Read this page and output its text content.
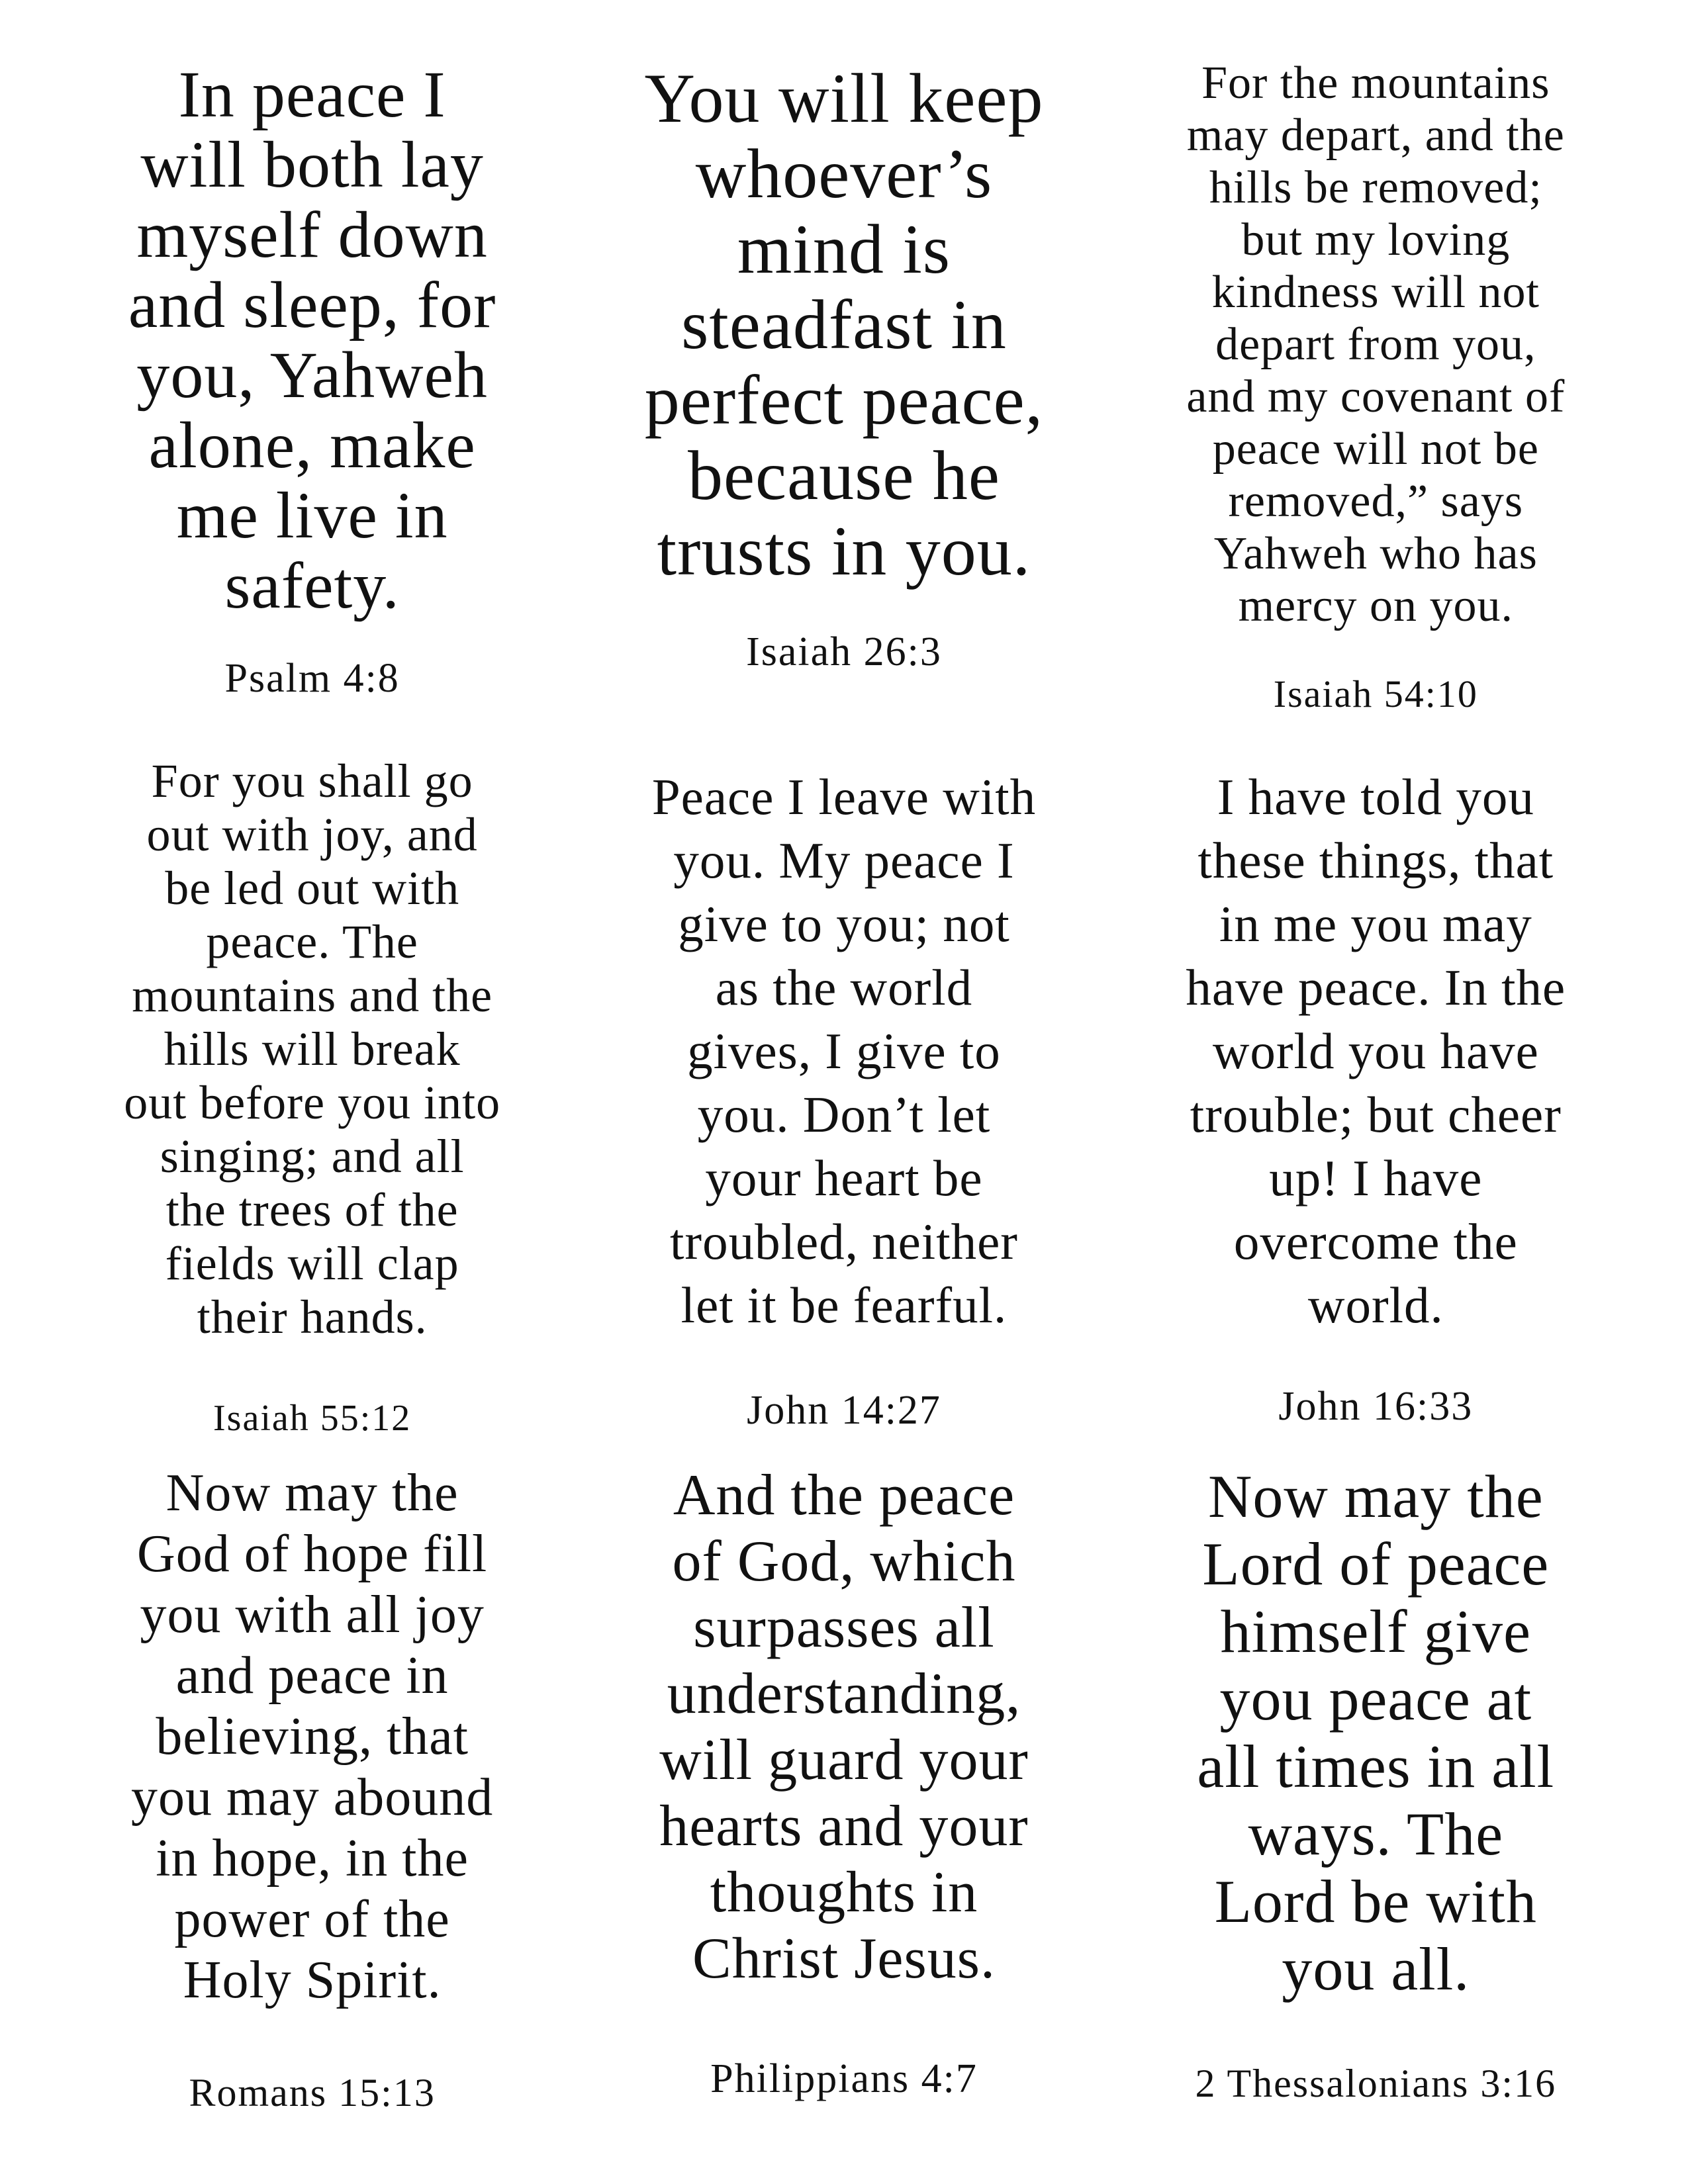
In peace I
will both lay
myself down
and sleep, for
you, Yahweh
alone, make
me live in
safety.

Psalm 4:8

You will keep
whoever’s
mind is
steadfast in
perfect peace,
because he
trusts in you.

Isaiah 26:3

For the mountains
may depart, and the
hills be removed;
but my loving
kindness will not
depart from you,
and my covenant of
peace will not be
removed,” says
Yahweh who has
mercy on you.

Isaiah 54:10

For you shall go
out with joy, and
be led out with
peace. The
mountains and the
hills will break
out before you into
singing; and all
the trees of the
fields will clap
their hands.

Isaiah 55:12

Peace I leave with
you. My peace I
give to you; not
as the world
gives, I give to
you. Don’t let
your heart be
troubled, neither
let it be fearful.

John 14:27

I have told you
these things, that
in me you may
have peace. In the
world you have
trouble; but cheer
up! I have
overcome the
world.

John 16:33

Now may the
God of hope fill
you with all joy
and peace in
believing, that
you may abound
in hope, in the
power of the
Holy Spirit.

Romans 15:13

And the peace
of God, which
surpasses all
understanding,
will guard your
hearts and your
thoughts in
Christ Jesus.

Philippians 4:7

Now may the
Lord of peace
himself give
you peace at
all times in all
ways. The
Lord be with
you all.

2 Thessalonians 3:16
